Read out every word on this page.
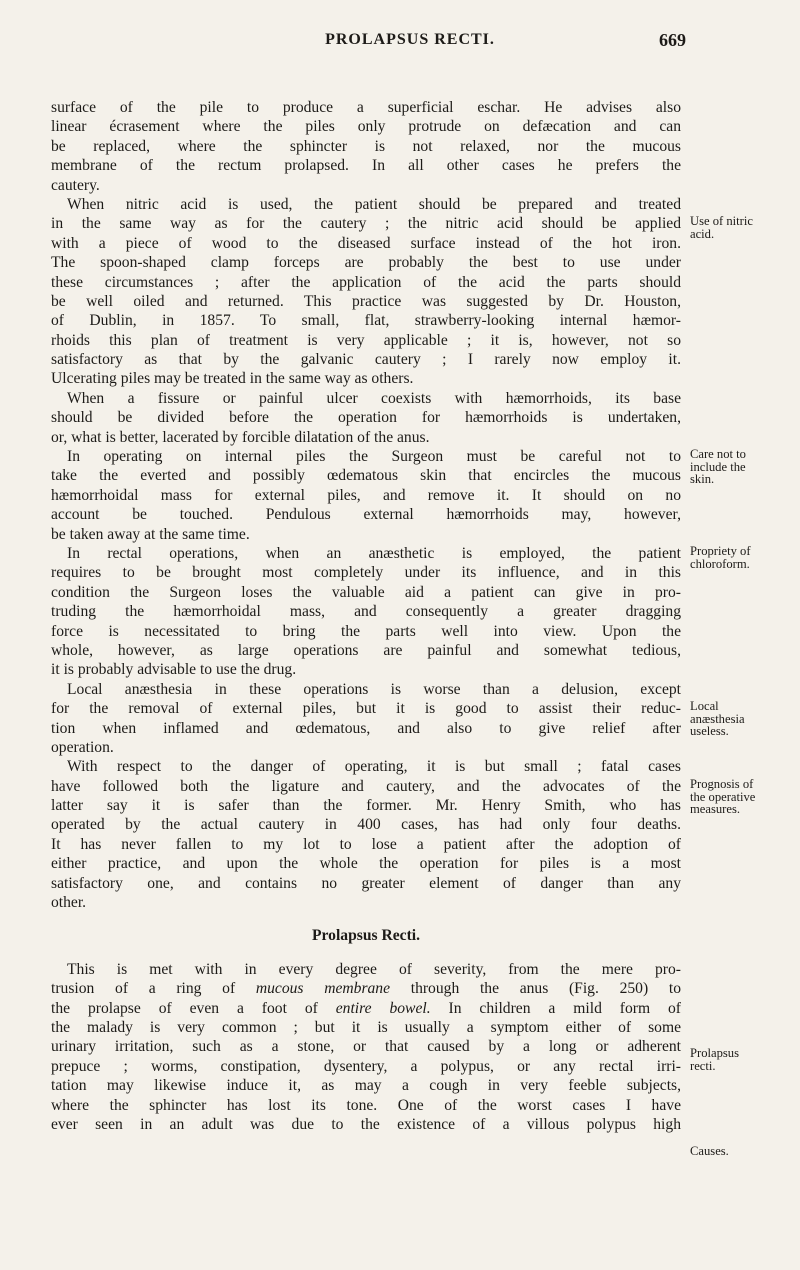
PROLAPSUS RECTI.	669
surface of the pile to produce a superficial eschar. He advises also
linear écrasement where the piles only protrude on defæcation and can
be replaced, where the sphincter is not relaxed, nor the mucous
membrane of the rectum prolapsed. In all other cases he prefers the
cautery.
When nitric acid is used, the patient should be prepared and treated
in the same way as for the cautery ; the nitric acid should be applied
with a piece of wood to the diseased surface instead of the hot iron.
The spoon-shaped clamp forceps are probably the best to use under
these circumstances ; after the application of the acid the parts should
be well oiled and returned. This practice was suggested by Dr. Houston,
of Dublin, in 1857. To small, flat, strawberry-looking internal hæmor-
rhoids this plan of treatment is very applicable ; it is, however, not so
satisfactory as that by the galvanic cautery ; I rarely now employ it.
Ulcerating piles may be treated in the same way as others.
When a fissure or painful ulcer coexists with hæmorrhoids, its base
should be divided before the operation for hæmorrhoids is undertaken,
or, what is better, lacerated by forcible dilatation of the anus.
In operating on internal piles the Surgeon must be careful not to
take the everted and possibly œdematous skin that encircles the mucous
hæmorrhoidal mass for external piles, and remove it. It should on no
account be touched. Pendulous external hæmorrhoids may, however,
be taken away at the same time.
In rectal operations, when an anæsthetic is employed, the patient
requires to be brought most completely under its influence, and in this
condition the Surgeon loses the valuable aid a patient can give in pro-
truding the hæmorrhoidal mass, and consequently a greater dragging
force is necessitated to bring the parts well into view. Upon the
whole, however, as large operations are painful and somewhat tedious,
it is probably advisable to use the drug.
Local anæsthesia in these operations is worse than a delusion, except
for the removal of external piles, but it is good to assist their reduc-
tion when inflamed and œdematous, and also to give relief after
operation.
With respect to the danger of operating, it is but small ; fatal cases
have followed both the ligature and cautery, and the advocates of the
latter say it is safer than the former. Mr. Henry Smith, who has
operated by the actual cautery in 400 cases, has had only four deaths.
It has never fallen to my lot to lose a patient after the adoption of
either practice, and upon the whole the operation for piles is a most
satisfactory one, and contains no greater element of danger than any
other.
Prolapsus Recti.
This is met with in every degree of severity, from the mere pro-
trusion of a ring of mucous membrane through the anus (Fig. 250) to
the prolapse of even a foot of entire bowel. In children a mild form of
the malady is very common ; but it is usually a symptom either of some
urinary irritation, such as a stone, or that caused by a long or adherent
prepuce ; worms, constipation, dysentery, a polypus, or any rectal irri-
tation may likewise induce it, as may a cough in very feeble subjects,
where the sphincter has lost its tone. One of the worst cases I have
ever seen in an adult was due to the existence of a villous polypus high
Use of nitric
acid.
Care not to
include the
skin.
Propriety of
chloroform.
Local
anæsthesia
useless.
Prognosis of
the operative
measures.
Prolapsus
recti.
Causes.
